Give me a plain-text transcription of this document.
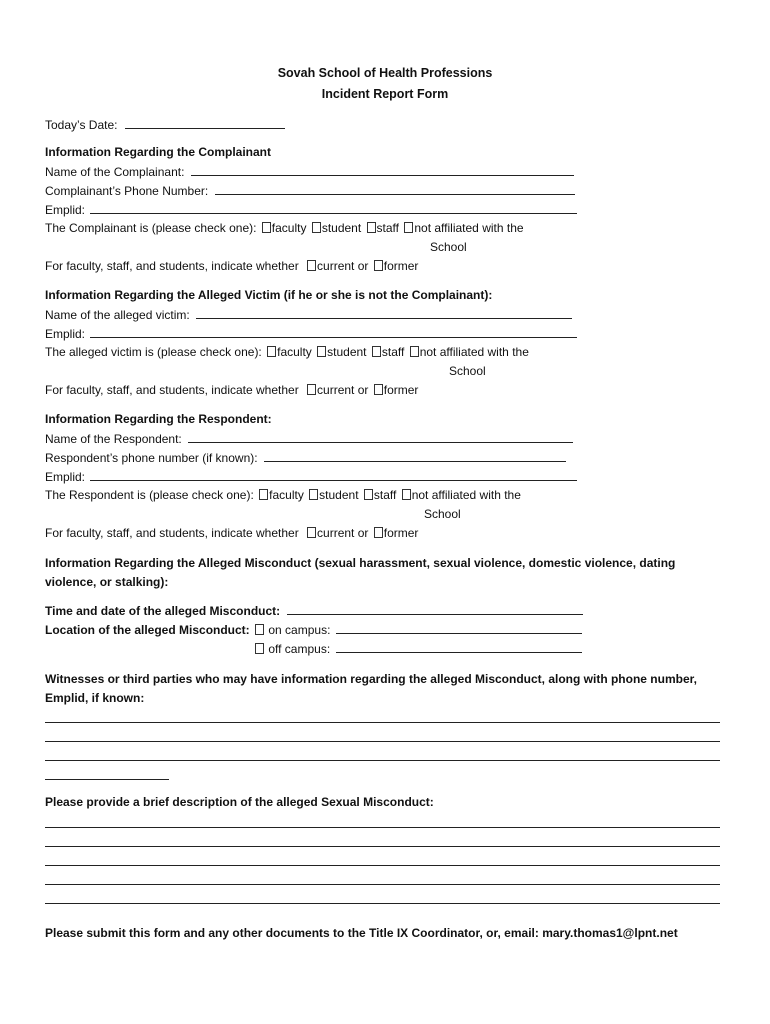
Sovah School of Health Professions
Incident Report Form
Today’s Date:
Information Regarding the Complainant
Name of the Complainant:
Complainant’s Phone Number:
Emplid:
The Complainant is (please check one): faculty student staff not affiliated with the
School
For faculty, staff, and students, indicate whether current or former
Information Regarding the Alleged Victim (if he or she is not the Complainant):
Name of the alleged victim:
Emplid:
The alleged victim is (please check one): faculty student staff not affiliated with the
School
For faculty, staff, and students, indicate whether current or former
Information Regarding the Respondent:
Name of the Respondent:
Respondent’s phone number (if known):
Emplid:
The Respondent is (please check one): faculty student staff not affiliated with the
School
For faculty, staff, and students, indicate whether current or former
Information Regarding the Alleged Misconduct (sexual harassment, sexual violence, domestic violence, dating
violence, or stalking):
Time and date of the alleged Misconduct:
Location of the alleged Misconduct: on campus:
off campus:
Witnesses or third parties who may have information regarding the alleged Misconduct, along with phone number,
Emplid, if known:
Please provide a brief description of the alleged Sexual Misconduct:
Please submit this form and any other documents to the Title IX Coordinator, or, email: mary.thomas1@lpnt.net
